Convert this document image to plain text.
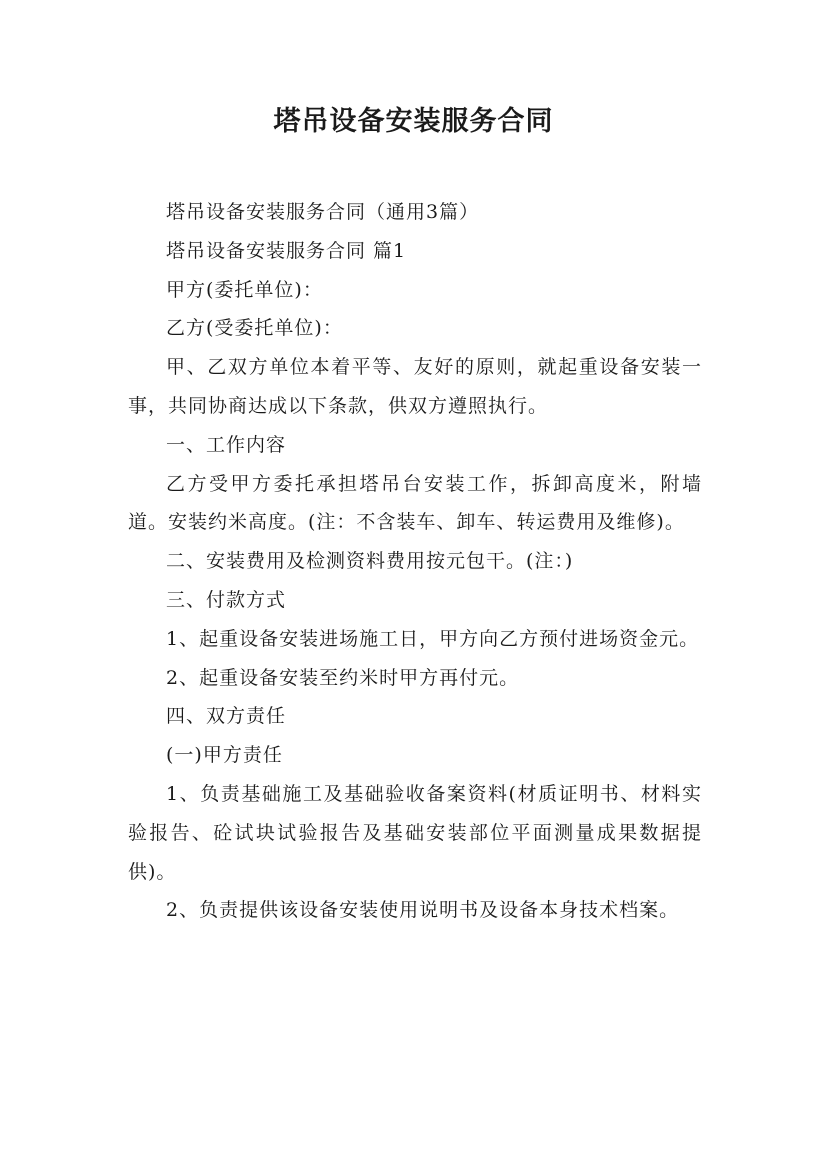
塔吊设备安装服务合同

塔吊设备安装服务合同（通用3篇）

塔吊设备安装服务合同 篇1

甲方(委托单位)：

乙方(受委托单位)：

甲、乙双方单位本着平等、友好的原则，就起重设备安装一事，共同协商达成以下条款，供双方遵照执行。

一、工作内容

乙方受甲方委托承担塔吊台安装工作，拆卸高度米，附墙道。安装约米高度。(注：不含装车、卸车、转运费用及维修)。

二、安装费用及检测资料费用按元包干。(注：)

三、付款方式

1、起重设备安装进场施工日，甲方向乙方预付进场资金元。

2、起重设备安装至约米时甲方再付元。

四、双方责任

(一)甲方责任

1、负责基础施工及基础验收备案资料(材质证明书、材料实验报告、砼试块试验报告及基础安装部位平面测量成果数据提供)。

2、负责提供该设备安装使用说明书及设备本身技术档案。
